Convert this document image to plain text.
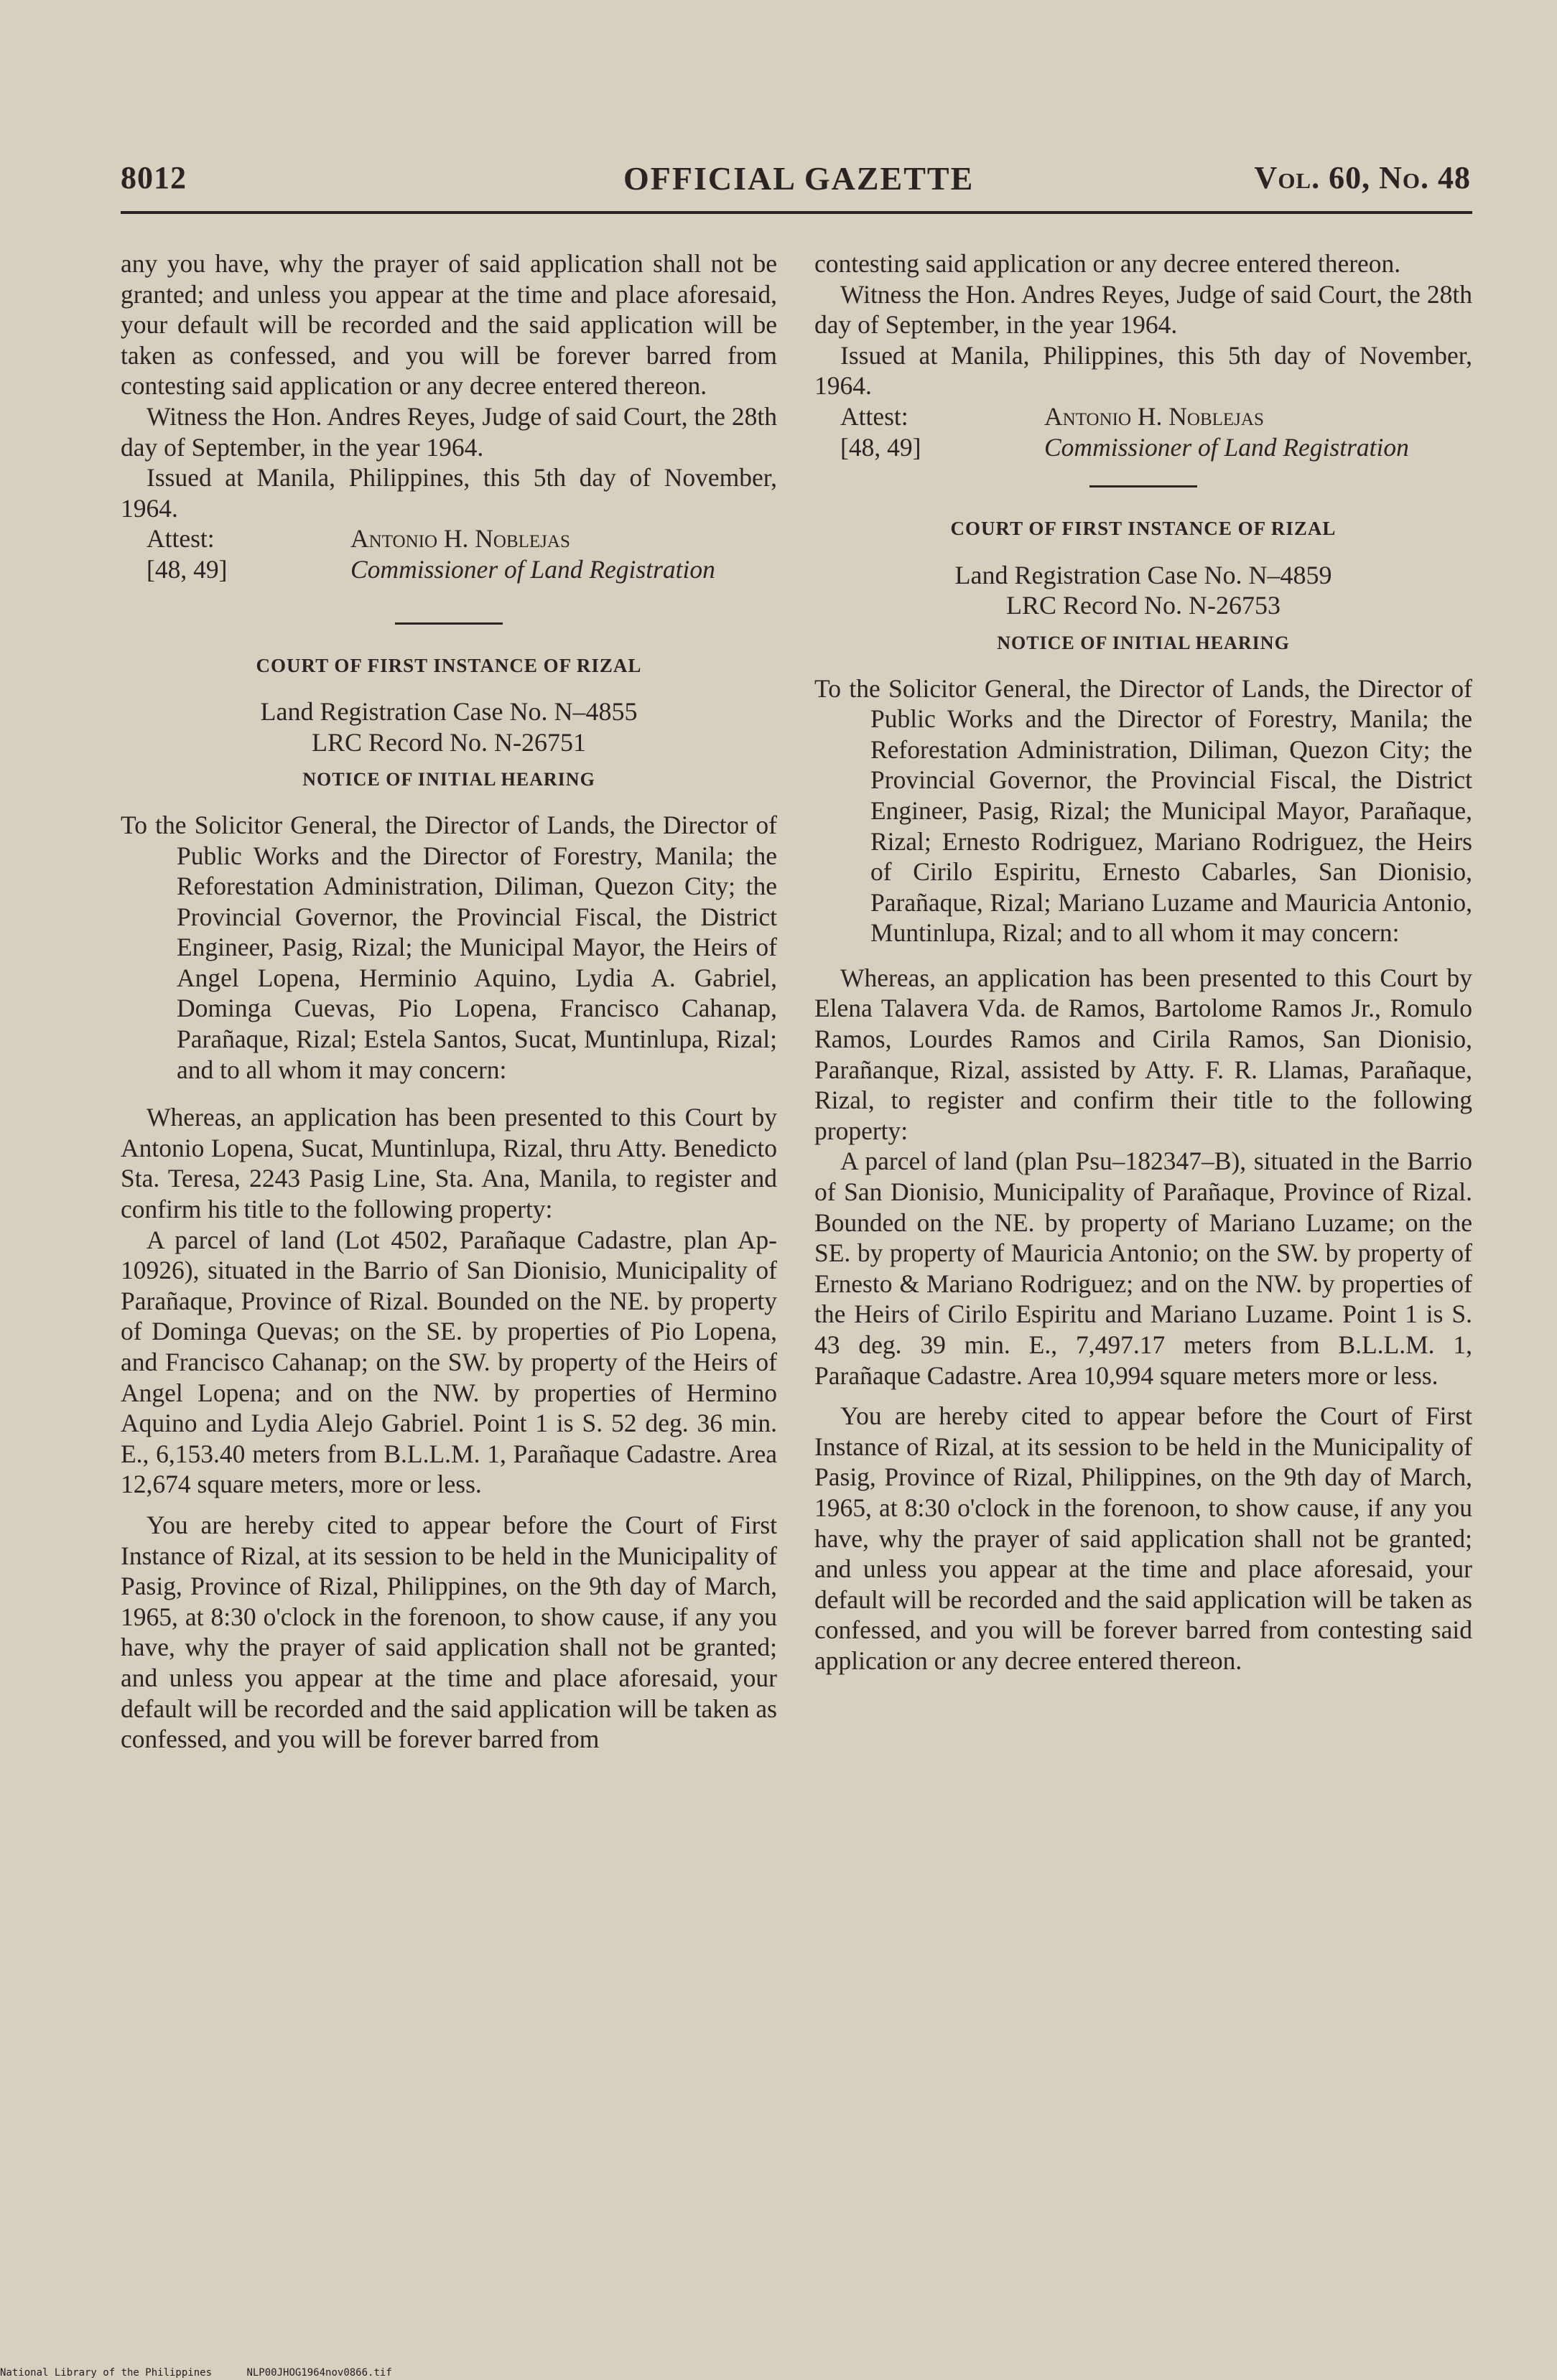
8012	OFFICIAL GAZETTE	Vol. 60, No. 48

any you have, why the prayer of said application shall not be granted; and unless you appear at the time and place aforesaid, your default will be recorded and the said application will be taken as confessed, and you will be forever barred from contesting said application or any decree entered thereon.

Witness the Hon. Andres Reyes, Judge of said Court, the 28th day of September, in the year 1964.

Issued at Manila, Philippines, this 5th day of November, 1964.

Attest:	Antonio H. Noblejas
[48, 49]	Commissioner of Land Registration

COURT OF FIRST INSTANCE OF RIZAL

Land Registration Case No. N–4855

LRC Record No. N-26751

NOTICE OF INITIAL HEARING

To the Solicitor General, the Director of Lands, the Director of Public Works and the Director of Forestry, Manila; the Reforestation Administration, Diliman, Quezon City; the Provincial Governor, the Provincial Fiscal, the District Engineer, Pasig, Rizal; the Municipal Mayor, the Heirs of Angel Lopena, Herminio Aquino, Lydia A. Gabriel, Dominga Cuevas, Pio Lopena, Francisco Cahanap, Parañaque, Rizal; Estela Santos, Sucat, Muntinlupa, Rizal; and to all whom it may concern:

Whereas, an application has been presented to this Court by Antonio Lopena, Sucat, Muntinlupa, Rizal, thru Atty. Benedicto Sta. Teresa, 2243 Pasig Line, Sta. Ana, Manila, to register and confirm his title to the following property:

A parcel of land (Lot 4502, Parañaque Cadastre, plan Ap-10926), situated in the Barrio of San Dionisio, Municipality of Parañaque, Province of Rizal. Bounded on the NE. by property of Dominga Quevas; on the SE. by properties of Pio Lopena, and Francisco Cahanap; on the SW. by property of the Heirs of Angel Lopena; and on the NW. by properties of Hermino Aquino and Lydia Alejo Gabriel. Point 1 is S. 52 deg. 36 min. E., 6,153.40 meters from B.L.L.M. 1, Parañaque Cadastre. Area 12,674 square meters, more or less.

You are hereby cited to appear before the Court of First Instance of Rizal, at its session to be held in the Municipality of Pasig, Province of Rizal, Philippines, on the 9th day of March, 1965, at 8:30 o'clock in the forenoon, to show cause, if any you have, why the prayer of said application shall not be granted; and unless you appear at the time and place aforesaid, your default will be recorded and the said application will be taken as confessed, and you will be forever barred from

contesting said application or any decree entered thereon.

Witness the Hon. Andres Reyes, Judge of said Court, the 28th day of September, in the year 1964.

Issued at Manila, Philippines, this 5th day of November, 1964.

Attest:	Antonio H. Noblejas
[48, 49]	Commissioner of Land Registration

COURT OF FIRST INSTANCE OF RIZAL

Land Registration Case No. N–4859

LRC Record No. N-26753

NOTICE OF INITIAL HEARING

To the Solicitor General, the Director of Lands, the Director of Public Works and the Director of Forestry, Manila; the Reforestation Administration, Diliman, Quezon City; the Provincial Governor, the Provincial Fiscal, the District Engineer, Pasig, Rizal; the Municipal Mayor, Parañaque, Rizal; Ernesto Rodriguez, Mariano Rodriguez, the Heirs of Cirilo Espiritu, Ernesto Cabarles, San Dionisio, Parañaque, Rizal; Mariano Luzame and Mauricia Antonio, Muntinlupa, Rizal; and to all whom it may concern:

Whereas, an application has been presented to this Court by Elena Talavera Vda. de Ramos, Bartolome Ramos Jr., Romulo Ramos, Lourdes Ramos and Cirila Ramos, San Dionisio, Parañanque, Rizal, assisted by Atty. F. R. Llamas, Parañaque, Rizal, to register and confirm their title to the following property:

A parcel of land (plan Psu–182347–B), situated in the Barrio of San Dionisio, Municipality of Parañaque, Province of Rizal. Bounded on the NE. by property of Mariano Luzame; on the SE. by property of Mauricia Antonio; on the SW. by property of Ernesto & Mariano Rodriguez; and on the NW. by properties of the Heirs of Cirilo Espiritu and Mariano Luzame. Point 1 is S. 43 deg. 39 min. E., 7,497.17 meters from B.L.L.M. 1, Parañaque Cadastre. Area 10,994 square meters more or less.

You are hereby cited to appear before the Court of First Instance of Rizal, at its session to be held in the Municipality of Pasig, Province of Rizal, Philippines, on the 9th day of March, 1965, at 8:30 o'clock in the forenoon, to show cause, if any you have, why the prayer of said application shall not be granted; and unless you appear at the time and place aforesaid, your default will be recorded and the said application will be taken as confessed, and you will be forever barred from contesting said application or any decree entered thereon.

National Library of the Philippines	NLP00JHOG1964nov0866.tif
